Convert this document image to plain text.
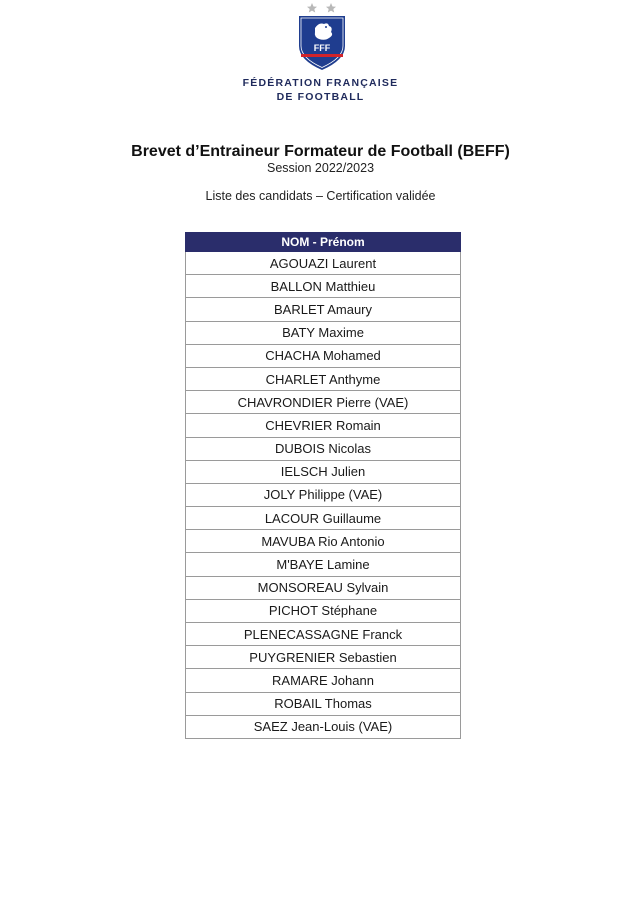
FFF
FÉDÉRATION FRANÇAISE
DE FOOTBALL
Brevet d’Entraineur Formateur de Football (BEFF)
Session 2022/2023
Liste des candidats – Certification validée
NOM - Prénom
AGOUAZI Laurent
BALLON Matthieu
BARLET Amaury
BATY Maxime
CHACHA Mohamed
CHARLET Anthyme
CHAVRONDIER Pierre (VAE)
CHEVRIER Romain
DUBOIS Nicolas
IELSCH Julien
JOLY Philippe (VAE)
LACOUR Guillaume
MAVUBA Rio Antonio
M'BAYE Lamine
MONSOREAU Sylvain
PICHOT Stéphane
PLENECASSAGNE Franck
PUYGRENIER Sebastien
RAMARE Johann
ROBAIL Thomas
SAEZ Jean-Louis (VAE)
